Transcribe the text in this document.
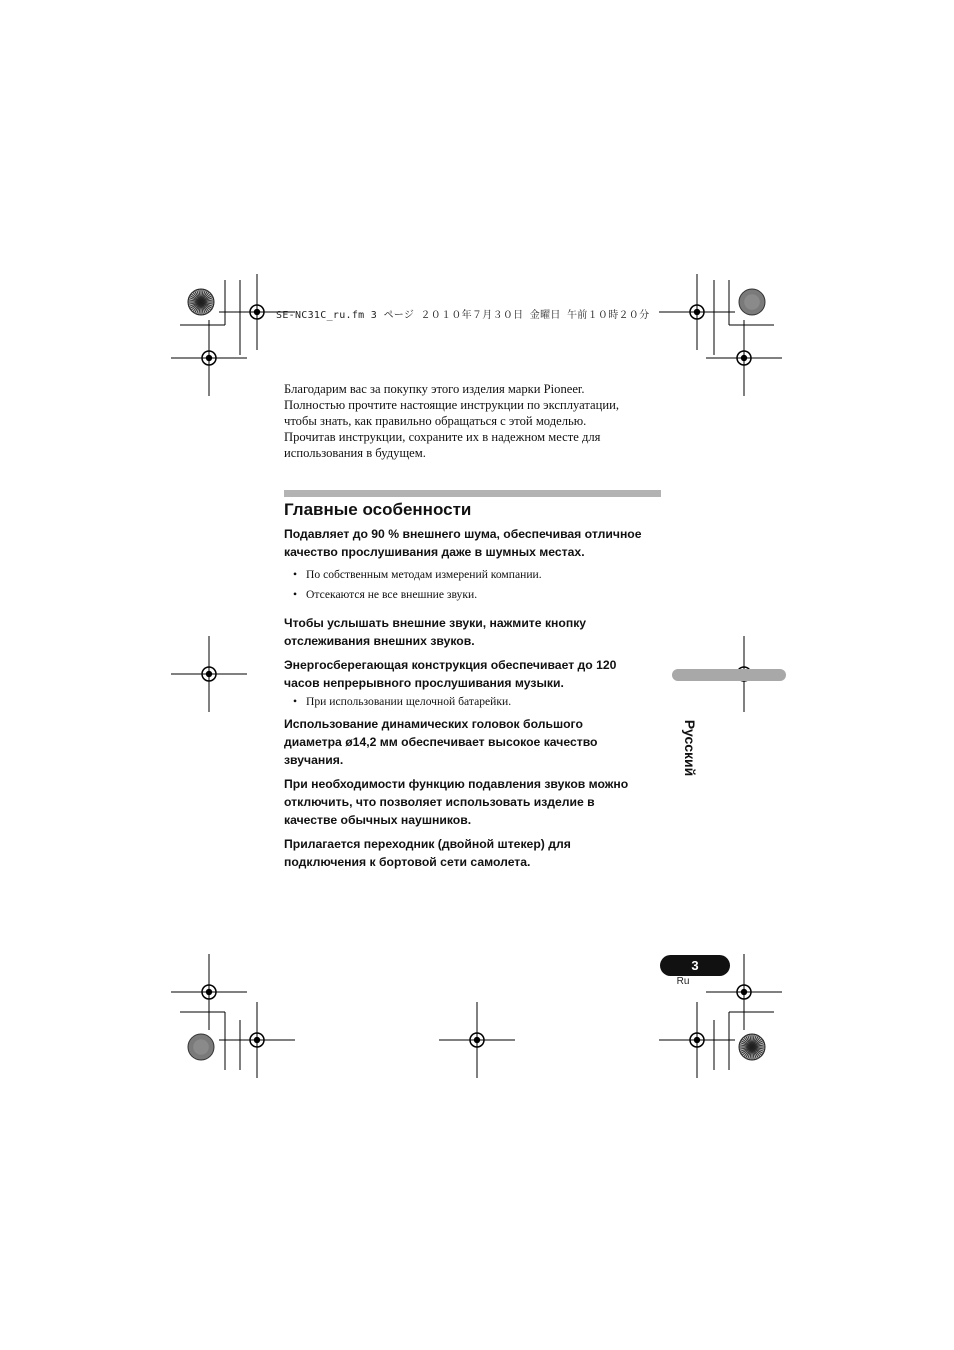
SE-NC31C_ru.fm 3 ページ ２０１０年７月３０日 金曜日 午前１０時２０分
Благодарим вас за покупку этого изделия марки Pioneer.
Полностью прочтите настоящие инструкции по эксплуатации,
чтобы знать, как правильно обращаться с этой моделью.
Прочитав инструкции, сохраните их в надежном месте для
использования в будущем.
Главные особенности

Подавляет до 90 % внешнего шума, обеспечивая отличное
качество прослушивания даже в шумных местах.

• По собственным методам измерений компании.
• Отсекаются не все внешние звуки.

Чтобы услышать внешние звуки, нажмите кнопку
отслеживания внешних звуков.

Энергосберегающая конструкция обеспечивает до 120
часов непрерывного прослушивания музыки.

• При использовании щелочной батарейки.

Использование динамических головок большого
диаметра ø14,2 мм обеспечивает высокое качество
звучания.

При необходимости функцию подавления звуков можно
отключить, что позволяет использовать изделие в
качестве обычных наушников.

Прилагается переходник (двойной штекер) для
подключения к бортовой сети самолета.

Русский
3
Ru
